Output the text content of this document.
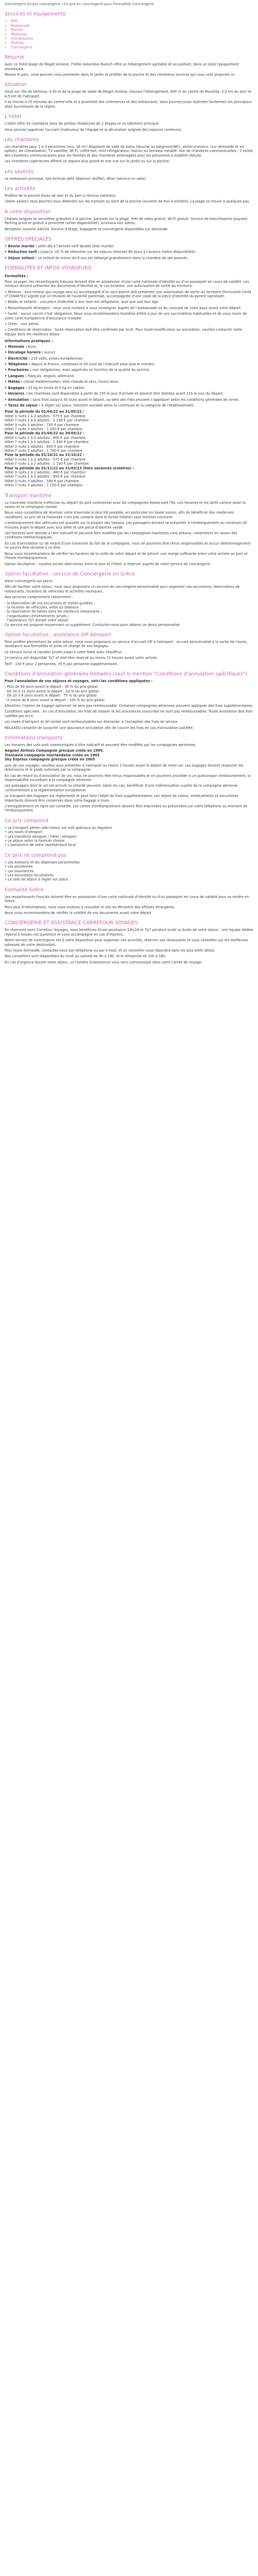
Conciergerie Ex-pro conciergerie | Ce prix en conciergerie pour Formalitée Conciergerie

Services et équipements
• Wifi
• Restaurant
• Piscine
• Télévision
• Climatisation
• Parking
• Conciergerie
Résumé

Avec ce hotel plage de Moget Annexe, l'hôtel Holandais Ruesch offre un hébergement agréable et accueillant, dans un style typiquement provençale.

Passez le parc, vous pourrez vous promener dans le jardin et profiter de la piscine et des nombreux services qui vous sont proposés ici.

Situation

Situé sur l'île de Ventoux, à 50 m de la plage de sable de Moget Annexe, trouvez l'hébergement, 800 m du centre de Maumes, 3,2 km du port et 4,5 km de l'aéroport.

Il se trouve à 25 minutes du centre-ville et à proximité des commerces et des restaurants. Vous pourrez aussi rejoindre facilement les principaux sites touristiques de la région.

L'hôtel

L'hôtel offre 43 chambres dans de petites résidences de 2 étages et un bâtiment principal.

Vous pourrez apprécier l'accueil chaleureux de l'équipe et la décoration soignée des espaces communs.

Les chambres

Les chambres pour 1 à 3 personnes (env. 16 m²) disposent de salle de bains (douche ou baignoire/WC), sèche-cheveux, (sur demande et en option), de climatisation, TV satellite, Wi-Fi, coffre-fort, mini-réfrigérateur, balcon ou terrasse meublé. Vue de chambres communicantes : il existe des chambres communicantes pour les familles et des chambres aménagées pour les personnes à mobilité réduite.

Les chambres supérieures offrent un espace plus grand et une vue sur le jardin ou sur la piscine.

Les saveurs

Le restaurant principal, Ses formule petit déjeuner (buffet), dîner (service en salle).

Les activités

Profitez de la piscine d'eau de mer et du bain à remous extérieur.

(Selon saison) Vous pourrez vous détendre sur les transats au bord de la piscine (ouverte de mai à octobre). La plage se trouve à quelques pas.

A votre disposition

Chaises longues et serviettes gratuites à la piscine, parasols sur la plage. Prêt de vélos gratuit. Wi-Fi gratuit. Service de blanchisserie (payant). Parking privé et gratuit à proximité (selon disponibilité). Animaux non admis.

Réception ouverte 24h/24. Service d'étage, bagagerie et conciergerie disponibles sur demande.

OFFRES SPECIALES

• Bonne mariée : petit déj à l'arrivée tarif double (bon mariés)

• Réduction tarif : jusqu'à -25 % de réduction sur les séjours réservés 60 jours à l'avance (selon disponibilité).

• Séjour enfant : un enfant de moins de 6 ans est hébergé gratuitement dans la chambre de ses parents.

FORMALITES ET INFOS VOYAGEURS
Formalités :

Pour voyager, les ressortissants français doivent être en possession d'une carte nationale d'identité ou d'un passeport en cours de validité. Les mineurs doivent présenter les documents d'identité et, le cas échéant, une autorisation de sortie du territoire.

• Mineurs : tout mineur qui voyage seul ou accompagné d'un seul parent doit présenter une autorisation de sortie du territoire (formulaire Cerfa n°15646*01) signée par un titulaire de l'autorité parentale, accompagnée d'une copie de la pièce d'identité du parent signataire.

• Bébés et enfants : une pièce d'identité à leur nom est obligatoire, quel que soit leur âge.

• Ressortissants étrangers : nous vous invitons à vous renseigner auprès de l'ambassade ou du consulat de votre pays avant votre départ.

• Santé : aucun vaccin n'est obligatoire. Nous vous recommandons toutefois d'être à jour de vos vaccinations habituelles et de vous munir de votre carte européenne d'assurance maladie.

• Chien : non admis.

• Conditions de réservation : toute réservation doit être confirmée par écrit. Pour toute modification ou annulation, veuillez contacter notre équipe dans les meilleurs délais.

Informations pratiques :

• Monnaie : Euro.

• Décalage horaire : aucun.

• Électricité : 220 volts, prises européennes.

• Téléphone : depuis la France, composez le 00 suivi de l'indicatif pays puis le numéro.

• Pourboires : non obligatoires, mais appréciés en fonction de la qualité du service.

• Langues : français, anglais, allemand.

• Météo : climat méditerranéen, étés chauds et secs, hivers doux.

• Bagages : 15 kg en soute et 5 kg en cabine.

• Horaires : les chambres sont disponibles à partir de 15h le jour d'arrivée et doivent être libérées avant 11h le jour du départ.

• Annulation : sans frais jusqu'à 30 jours avant le départ, au-delà des frais peuvent s'appliquer selon les conditions générales de vente.

• Taxes de séjour : à régler sur place, montant variable selon la commune et la catégorie de l'établissement.

Pour la période du 01/04/22 au 31/05/22 :

Hôtel 3 nuits 1 à 2 adultes : 575 € par chambre

Hôtel 7 nuits 1 à 2 adultes : 1 100 € par chambre

Hôtel 3 nuits 3 adultes : 700 € par chambre

Hôtel 7 nuits 3 adultes : 1 350 € par chambre

Pour la période du 01/06/22 au 30/09/22 :

Hôtel 3 nuits 1 à 2 adultes : 690 € par chambre

Hôtel 7 nuits 1 à 2 adultes : 1 450 € par chambre

Hôtel 3 nuits 3 adultes : 830 € par chambre

Hôtel 7 nuits 3 adultes : 1 700 € par chambre

Pour la période du 01/10/22 au 31/10/22 :

Hôtel 3 nuits 1 à 2 adultes : 575 € par chambre

Hôtel 7 nuits 1 à 2 adultes : 1 100 € par chambre

Pour la période du 01/11/22 au 31/03/23 (hors vacances scolaires) :

Hôtel 3 nuits 1 à 2 adultes : 480 € par chambre

Hôtel 7 nuits 1 à 2 adultes : 950 € par chambre

Hôtel 3 nuits 3 adultes : 590 € par chambre

Hôtel 7 nuits 3 adultes : 1 150 € par chambre

Transport maritime

La traversée maritime s'effectue au départ du port continental avec les compagnies desservant l'île. Les horaires et les tarifs varient selon la saison et la compagnie choisie.

Nous vous conseillons de réserver votre traversée le plus tôt possible, en particulier en haute saison, afin de bénéficier des meilleures conditions. Le prix de la traversée n'est pas compris dans le forfait hôtelier sauf mention contraire.

L'embarquement des véhicules est possible sur la plupart des liaisons. Les passagers doivent se présenter à l'embarquement au minimum 45 minutes avant le départ avec leur billet et une pièce d'identité valide.

Les horaires sont donnés à titre indicatif et peuvent être modifiés par les compagnies maritimes sans préavis, notamment en raison des conditions météorologiques.

En cas d'annulation ou de retard d'une traversée du fait de la compagnie, nous ne pourrons être tenus responsables et aucun dédommagement ne pourra être réclamé à ce titre.

Nous vous recommandons de vérifier les horaires de la veille de votre départ et de prévoir une marge suffisante entre votre arrivée au port et l'heure d'embarquement.

Option facultative : navette privée aller-retour entre le port et l'hôtel, à réserver auprès de notre service de conciergerie.

Option facultative : service de Conciergerie en Grèce

Votre conciergerie sur place :

Afin de faciliter votre séjour, nous vous proposons un service de conciergerie personnalisé pour organiser vos excursions, réservations de restaurants, locations de véhicules et activités nautiques.

Nos services comprennent notamment :

- la réservation de vos excursions et visites guidées ;

- la location de véhicules, vélos ou bateaux ;

- la réservation de tables dans les meilleurs restaurants ;

- l'organisation d'événements privés ;

- l'assistance 7j/7 durant votre séjour.

Ce service est proposé moyennant un supplément. Contactez-nous pour obtenir un devis personnalisé.

Option facultative : assistance VIP Aéroport

Pour profiter pleinement de votre séjour, nous vous proposons un service d'accueil VIP à l'aéroport : accueil personnalisé à la sortie de l'avion, assistance aux formalités et prise en charge de vos bagages.

Le service inclut la navette privée jusqu'à votre hôtel avec chauffeur.

Ce service est disponible 7j/7 et doit être réservé au moins 72 heures avant votre arrivée.

Tarif : 150 € pour 2 personnes, 35 € par personne supplémentaire.

Conditions d'annulation générales Hellades (sauf si mention "Conditions d'annulation spécifiques")

Pour l'annulation de vos séjours et voyages, voici les conditions appliquées :

- Plus de 30 jours avant le départ : 30 % du prix global

- De 30 à 21 jours avant le départ : 50 % du prix global

- De 20 à 8 jours avant le départ : 75 % du prix global

- A moins de 8 jours avant le départ : 100 % du prix global

Attention, l'option de bagage optionnel ne sera pas remboursable. Certaines compagnies aériennes peuvent appliquer des frais supplémentaires.

Conditions spéciales : en cas d'annulation, les frais de dossier et les assurances souscrites ne sont pas remboursables. Toute annulation doit être notifiée par écrit.

Les taxes d'aéroport et de sûreté sont remboursables sur demande, à l'exception des frais de service.

RELAXEO conseille de souscrire une assurance annulation afin de couvrir les frais en cas d'annulation justifiée.

Informations transports

Les horaires des vols sont communiqués à titre indicatif et peuvent être modifiés par les compagnies aériennes.

Aegean Airlines Compagnie grecque créée en 1999.

Transavia compagnie néerlandaise créée en 1965

Sky Express compagnie grecque créée en 2005

Lors de vos voyages, veuillez vous présenter à l'aéroport au moins 2 heures avant le départ de votre vol. Les bagages doivent respecter les dimensions et le poids autorisés par la compagnie.

En cas de retard ou d'annulation de vol, nous ne pourrons être tenus responsables et ne pourrons procéder à un quelconque remboursement, la responsabilité incombant à la compagnie aérienne.

Les passagers dont le vol est annulé ou retardé peuvent, selon les cas, bénéficier d'une indemnisation auprès de la compagnie aérienne conformément à la réglementation européenne.

Le transport des bagages est réglementé et peut faire l'objet de frais supplémentaires. Les objets de valeur, médicaments et documents importants doivent être conservés dans votre bagage à main.

L'enregistrement en ligne est conseillé. Les cartes d'embarquement doivent être imprimées ou présentées sur votre téléphone au moment de l'embarquement.

Ce prix comprend

• Le transport aérien aller-retour sur vols spéciaux ou réguliers

• Les taxes d'aéroport

• Les transferts aéroport / hôtel / aéroport

• Le séjour selon la formule choisie

• L'assistance de notre représentant local

Ce prix ne comprend pas

• Les boissons et les dépenses personnelles

• Les pourboires

• Les assurances

• Les excursions facultatives

• La taxe de séjour à régler sur place

Formalité Grèce

Les ressortissants français doivent être en possession d'une carte nationale d'identité ou d'un passeport en cours de validité pour se rendre en Grèce.

Pour plus d'informations, nous vous invitons à consulter le site du Ministère des Affaires étrangères.

Nous vous recommandons de vérifier la validité de vos documents avant votre départ.

CONCIERGERIE ET ASSISTANCE CARREFOUR VOYAGES

En réservant avec Carrefour Voyages, vous bénéficiez d'une assistance 24h/24 et 7j/7 pendant toute la durée de votre séjour : une équipe dédiée répond à toutes vos questions et vous accompagne en cas d'imprévu.

Notre service de conciergerie est à votre disposition pour organiser vos activités, réserver vos restaurants et vous conseiller sur les meilleures adresses de votre destination.

Pour toute demande, contactez-nous par téléphone ou par e-mail, et un conseiller vous répondra dans les plus brefs délais.

Nos conseillers sont disponibles du lundi au samedi de 9h à 19h, et le dimanche de 10h à 18h.

En cas d'urgence durant votre séjour, un numéro d'assistance vous sera communiqué dans votre carnet de voyage.
